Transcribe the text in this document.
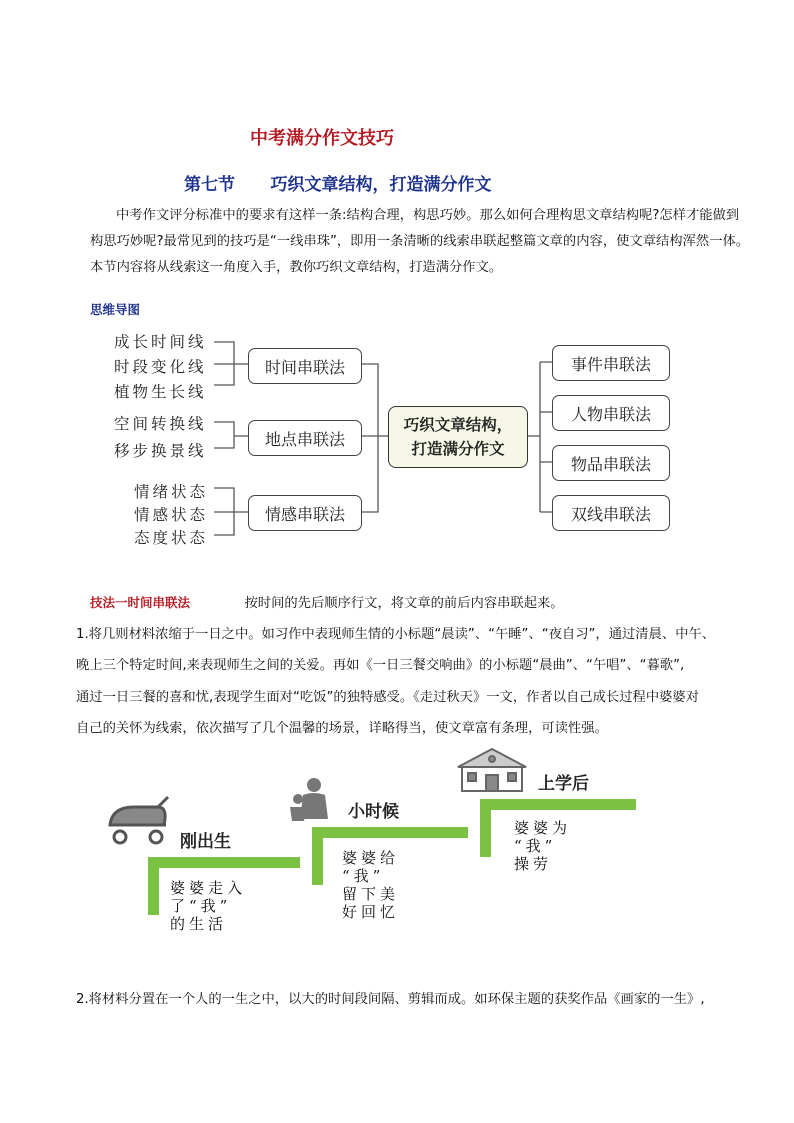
中考满分作文技巧
第七节      巧织文章结构，打造满分作文
中考作文评分标准中的要求有这样一条:结构合理，构思巧妙。那么如何合理构思文章结构呢?怎样才能做到构思巧妙呢?最常见到的技巧是“一线串珠”，即用一条清晰的线索串联起整篇文章的内容，使文章结构浑然一体。本节内容将从线索这一角度入手，教你巧织文章结构，打造满分作文。
思维导图
成长时间线
时段变化线
植物生长线
空间转换线
移步换景线
情绪状态
情感状态
态度状态
时间串联法
地点串联法
情感串联法
巧织文章结构，
打造满分作文
事件串联法
人物串联法
物品串联法
双线串联法
技法一时间串联法	按时间的先后顺序行文，将文章的前后内容串联起来。
1.将几则材料浓缩于一日之中。如习作中表现师生情的小标题“晨读”、“午睡”、“夜自习”，通过清晨、中午、
晚上三个特定时间,来表现师生之间的关爱。再如《一日三餐交响曲》的小标题“晨曲”、“午唱”、“暮歌”,
通过一日三餐的喜和忧,表现学生面对“吃饭”的独特感受。《走过秋天》一文，作者以自己成长过程中婆婆对
自己的关怀为线索，依次描写了几个温馨的场景，详略得当，使文章富有条理，可读性强。
刚出生
小时候
上学后
婆婆走入
了“我”
的生活
婆婆给
“我”
留下美
好回忆
婆婆为
“我”
操劳
2.将材料分置在一个人的一生之中，以大的时间段间隔、剪辑而成。如环保主题的获奖作品《画家的一生》,
